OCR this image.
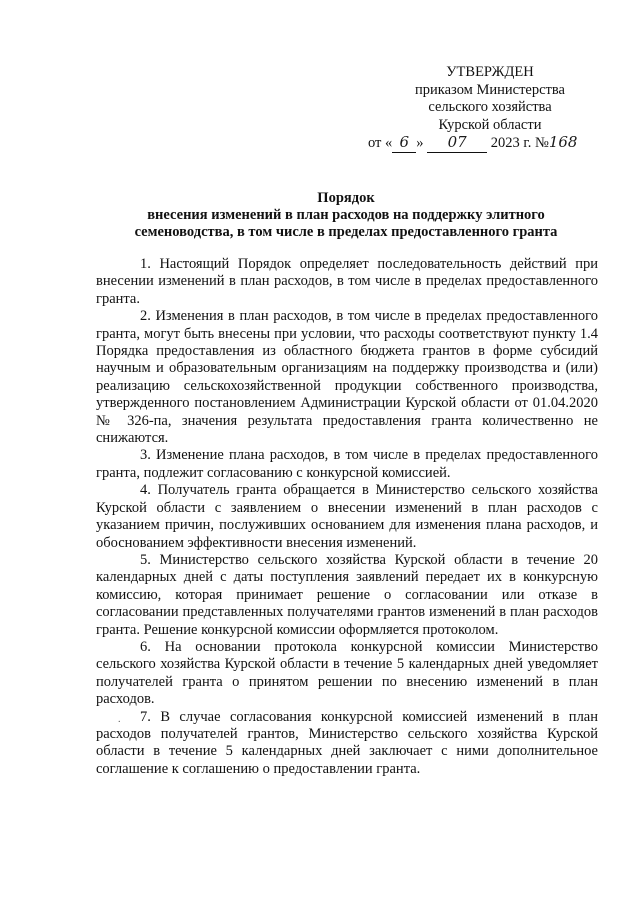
УТВЕРЖДЕН
приказом Министерства
сельского хозяйства
Курской области
от « 6 » 07 2023 г. №168
Порядок
внесения изменений в план расходов на поддержку элитного
семеноводства, в том числе в пределах предоставленного гранта

1. Настоящий Порядок определяет последовательность действий при внесении изменений в план расходов, в том числе в пределах предоставленного гранта.

2. Изменения в план расходов, в том числе в пределах предоставленного гранта, могут быть внесены при условии, что расходы соответствуют пункту 1.4 Порядка предоставления из областного бюджета грантов в форме субсидий научным и образовательным организациям на поддержку производства и (или) реализацию сельскохозяйственной продукции собственного производства, утвержденного постановлением Администрации Курской области от 01.04.2020 № 326-па, значения результата предоставления гранта количественно не снижаются.

3. Изменение плана расходов, в том числе в пределах предоставленного гранта, подлежит согласованию с конкурсной комиссией.

4. Получатель гранта обращается в Министерство сельского хозяйства Курской области с заявлением о внесении изменений в план расходов с указанием причин, послуживших основанием для изменения плана расходов, и обоснованием эффективности внесения изменений.

5. Министерство сельского хозяйства Курской области в течение 20 календарных дней с даты поступления заявлений передает их в конкурсную комиссию, которая принимает решение о согласовании или отказе в согласовании представленных получателями грантов изменений в план расходов гранта. Решение конкурсной комиссии оформляется протоколом.

6. На основании протокола конкурсной комиссии Министерство сельского хозяйства Курской области в течение 5 календарных дней уведомляет получателей гранта о принятом решении по внесению изменений в план расходов.

7. В случае согласования конкурсной комиссией изменений в план расходов получателей грантов, Министерство сельского хозяйства Курской области в течение 5 календарных дней заключает с ними дополнительное соглашение к соглашению о предоставлении гранта.

.
